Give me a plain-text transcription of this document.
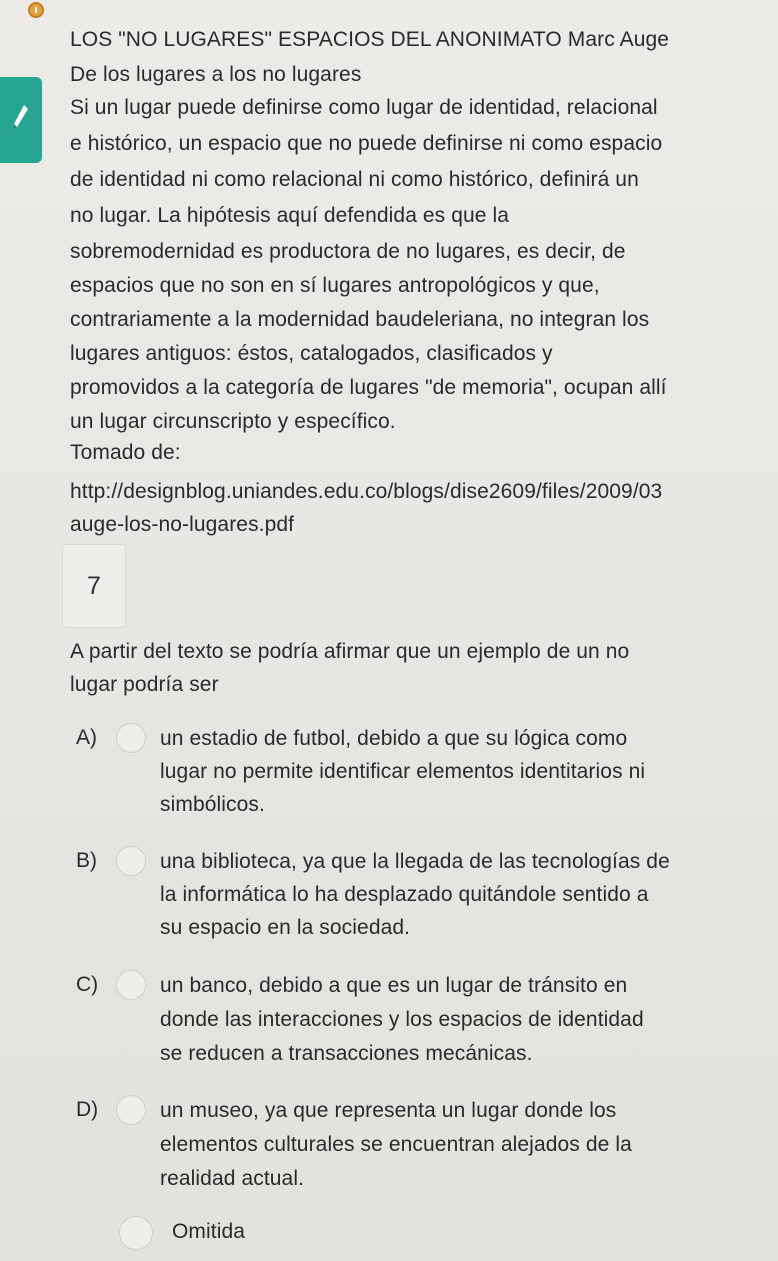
LOS "NO LUGARES" ESPACIOS DEL ANONIMATO Marc Auge
De los lugares a los no lugares
Si un lugar puede definirse como lugar de identidad, relacional
e histórico, un espacio que no puede definirse ni como espacio
de identidad ni como relacional ni como histórico, definirá un
no lugar. La hipótesis aquí defendida es que la
sobremodernidad es productora de no lugares, es decir, de
espacios que no son en sí lugares antropológicos y que,
contrariamente a la modernidad baudeleriana, no integran los
lugares antiguos: éstos, catalogados, clasificados y
promovidos a la categoría de lugares "de memoria", ocupan allí
un lugar circunscripto y específico.
Tomado de:
http://designblog.uniandes.edu.co/blogs/dise2609/files/2009/03
auge-los-no-lugares.pdf
7
A partir del texto se podría afirmar que un ejemplo de un no
lugar podría ser
A)	un estadio de futbol, debido a que su lógica como
lugar no permite identificar elementos identitarios ni
simbólicos.
B)	una biblioteca, ya que la llegada de las tecnologías de
la informática lo ha desplazado quitándole sentido a
su espacio en la sociedad.
C)	un banco, debido a que es un lugar de tránsito en
donde las interacciones y los espacios de identidad
se reducen a transacciones mecánicas.
D)	un museo, ya que representa un lugar donde los
elementos culturales se encuentran alejados de la
realidad actual.
Omitida
